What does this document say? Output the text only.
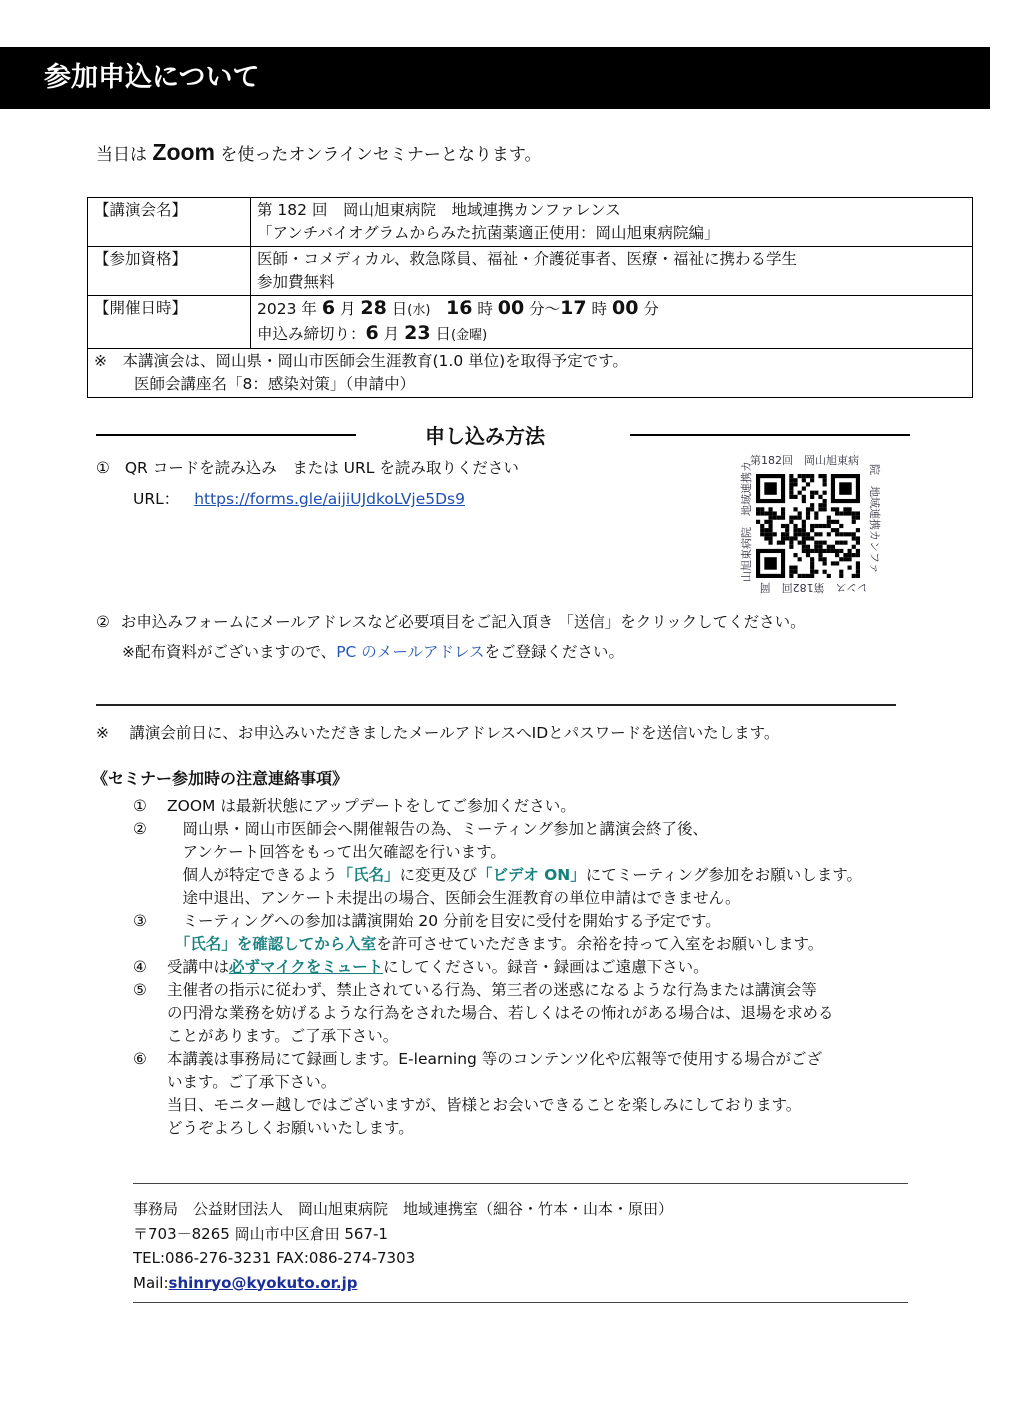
参加申込について
当日は Zoom を使ったオンラインセミナーとなります。
【講演会名】	第 182 回　岡山旭東病院　地域連携カンファレンス
「アンチバイオグラムからみた抗菌薬適正使用：岡山旭東病院編」

【参加資格】	医師・コメディカル、救急隊員、福祉・介護従事者、医療・福祉に携わる学生
参加費無料

【開催日時】	2023 年 6 月 28 日(水)　 16 時 00 分～17 時 00 分
申込み締切り：6 月 23 日(金曜)

※　本講演会は、岡山県・岡山市医師会生涯教育(1.0 単位)を取得予定です。
医師会講座名「8：感染対策」（申請中）	
申し込み方法
① QR コードを読み込み　または URL を読み取りください
URL： https://forms.gle/aijiUJdkoLVje5Ds9
第182回　岡山旭東病
院　地域連携カンファ
レンス　第182回　岡
山旭東病院　地域連携カ
② お申込みフォームにメールアドレスなど必要項目をご記入頂き 「送信」をクリックしてください。
※配布資料がございますので、PC のメールアドレスをご登録ください。
※　 講演会前日に、お申込みいただきましたメールアドレスへIDとパスワードを送信いたします。
《セミナー参加時の注意連絡事項》
①	ZOOM は最新状態にアップデートをしてご参加ください。
②	　岡山県・岡山市医師会へ開催報告の為、ミーティング参加と講演会終了後、
　アンケート回答をもって出欠確認を行います。
　個人が特定できるよう「氏名」に変更及び「ビデオ ON」にてミーティング参加をお願いします。
　途中退出、アンケート未提出の場合、医師会生涯教育の単位申請はできません。
③	　ミーティングへの参加は講演開始 20 分前を目安に受付を開始する予定です。
　「氏名」を確認してから入室を許可させていただきます。余裕を持って入室をお願いします。
④	受講中は必ずマイクをミュートにしてください。録音・録画はご遠慮下さい。
⑤	主催者の指示に従わず、禁止されている行為、第三者の迷惑になるような行為または講演会等
の円滑な業務を妨げるような行為をされた場合、若しくはその怖れがある場合は、退場を求める
ことがあります。ご了承下さい。
⑥	本講義は事務局にて録画します。E-learning 等のコンテンツ化や広報等で使用する場合がござ
います。ご了承下さい。
当日、モニター越しではございますが、皆様とお会いできることを楽しみにしております。
どうぞよろしくお願いいたします。
事務局　公益財団法人　岡山旭東病院　地域連携室（細谷・竹本・山本・原田）
〒703－8265 岡山市中区倉田 567-1
TEL:086-276-3231 FAX:086-274-7303
Mail:shinryo@kyokuto.or.jp
